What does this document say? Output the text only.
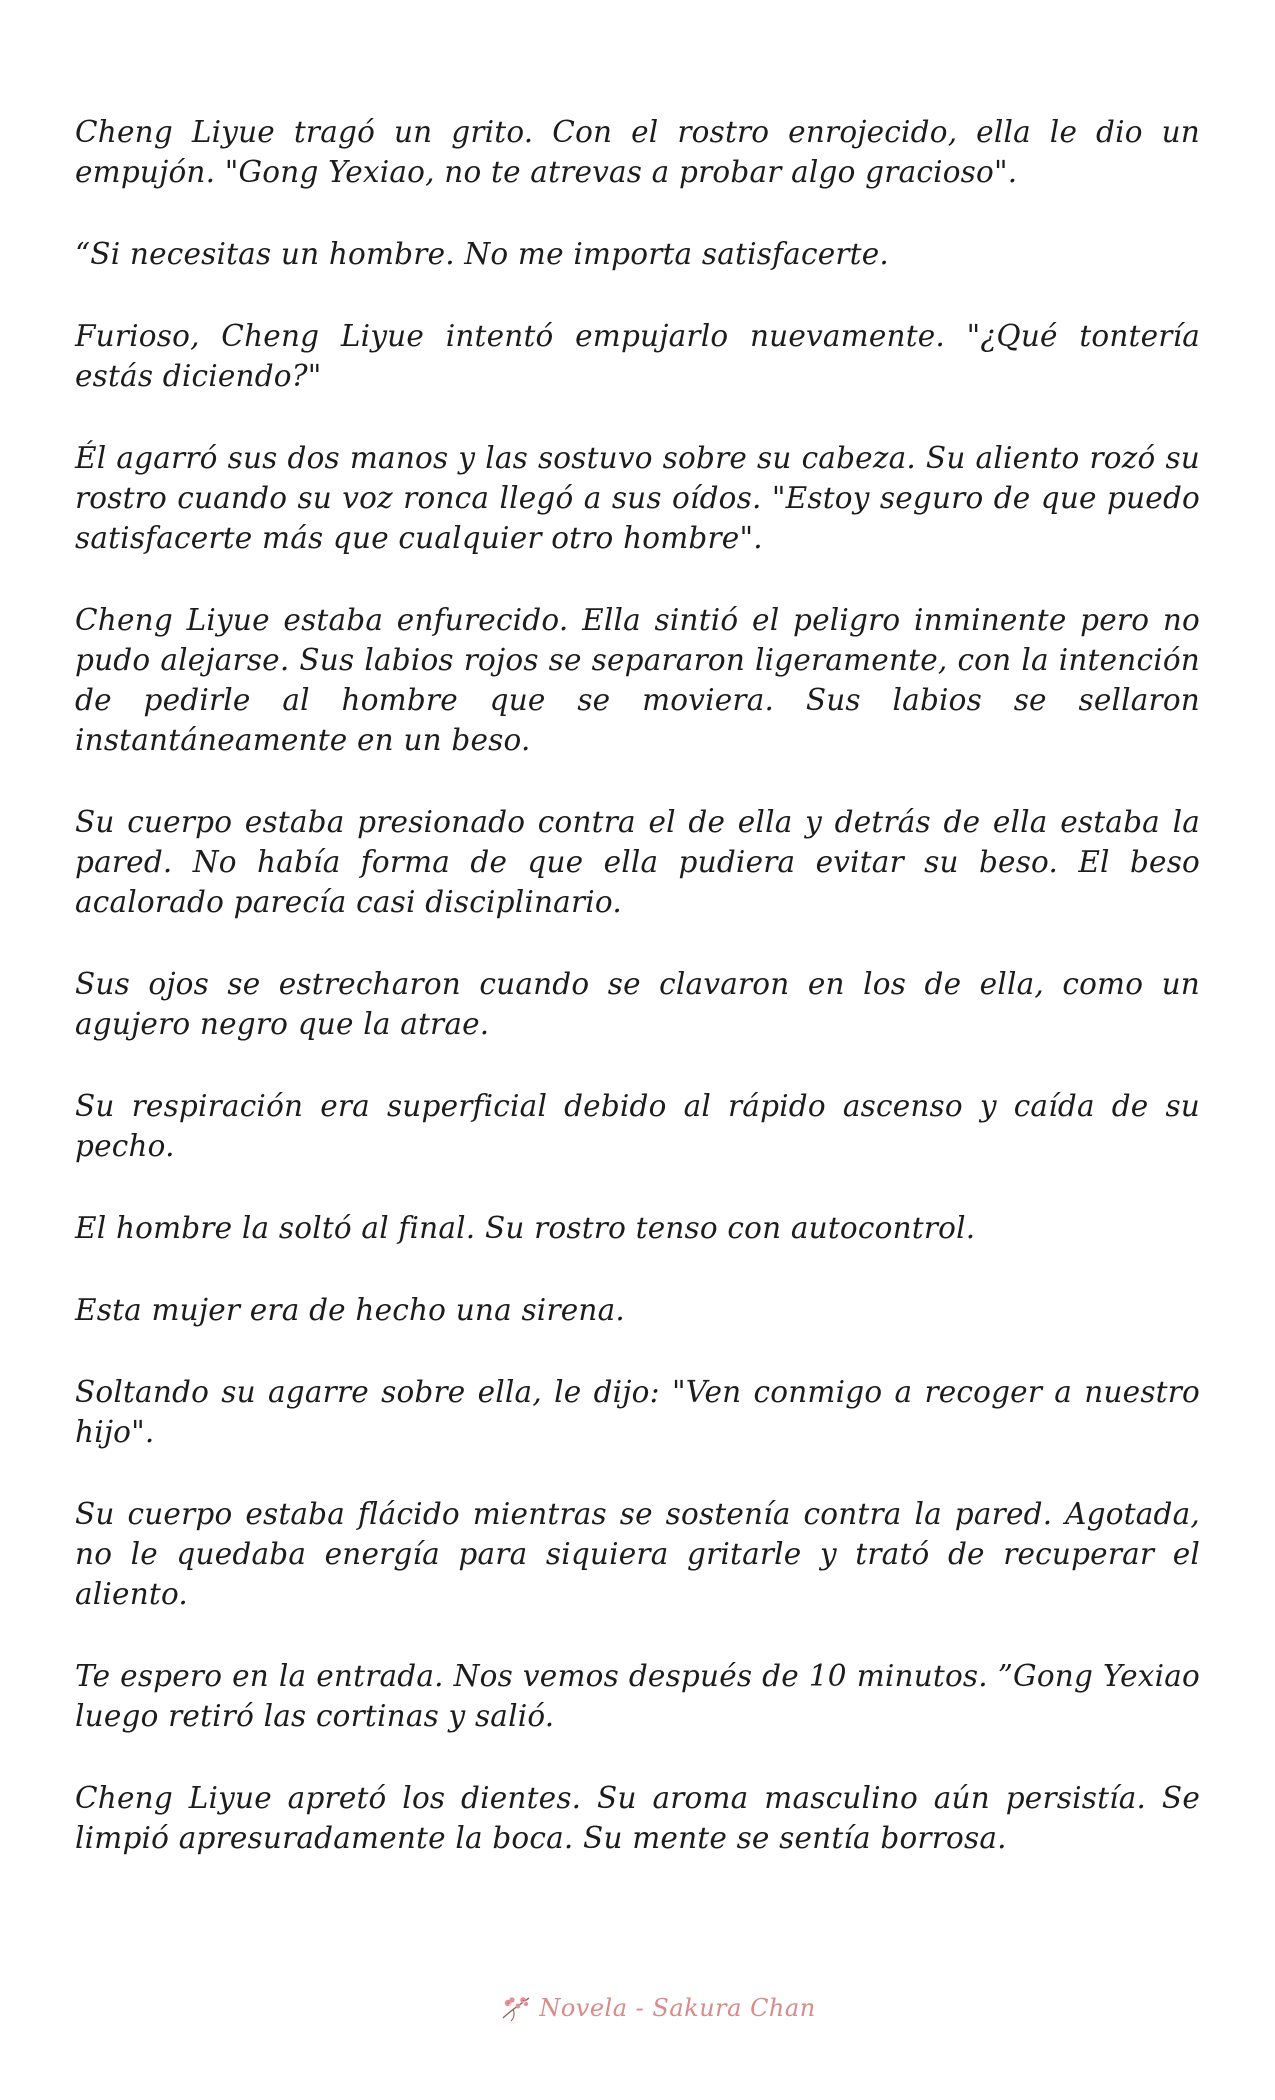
Cheng Liyue tragó un grito. Con el rostro enrojecido, ella le dio un empujón. "Gong Yexiao, no te atrevas a probar algo gracioso".

“Si necesitas un hombre. No me importa satisfacerte.

Furioso, Cheng Liyue intentó empujarlo nuevamente. "¿Qué tontería estás diciendo?"

Él agarró sus dos manos y las sostuvo sobre su cabeza. Su aliento rozó su rostro cuando su voz ronca llegó a sus oídos. "Estoy seguro de que puedo satisfacerte más que cualquier otro hombre".

Cheng Liyue estaba enfurecido. Ella sintió el peligro inminente pero no pudo alejarse. Sus labios rojos se separaron ligeramente, con la intención de pedirle al hombre que se moviera. Sus labios se sellaron instantáneamente en un beso.

Su cuerpo estaba presionado contra el de ella y detrás de ella estaba la pared. No había forma de que ella pudiera evitar su beso. El beso acalorado parecía casi disciplinario.

Sus ojos se estrecharon cuando se clavaron en los de ella, como un agujero negro que la atrae.

Su respiración era superficial debido al rápido ascenso y caída de su pecho.

El hombre la soltó al final. Su rostro tenso con autocontrol.

Esta mujer era de hecho una sirena.

Soltando su agarre sobre ella, le dijo: "Ven conmigo a recoger a nuestro hijo".

Su cuerpo estaba flácido mientras se sostenía contra la pared. Agotada, no le quedaba energía para siquiera gritarle y trató de recuperar el aliento.

Te espero en la entrada. Nos vemos después de 10 minutos. ”Gong Yexiao luego retiró las cortinas y salió.

Cheng Liyue apretó los dientes. Su aroma masculino aún persistía. Se limpió apresuradamente la boca. Su mente se sentía borrosa.

Novela - Sakura Chan
